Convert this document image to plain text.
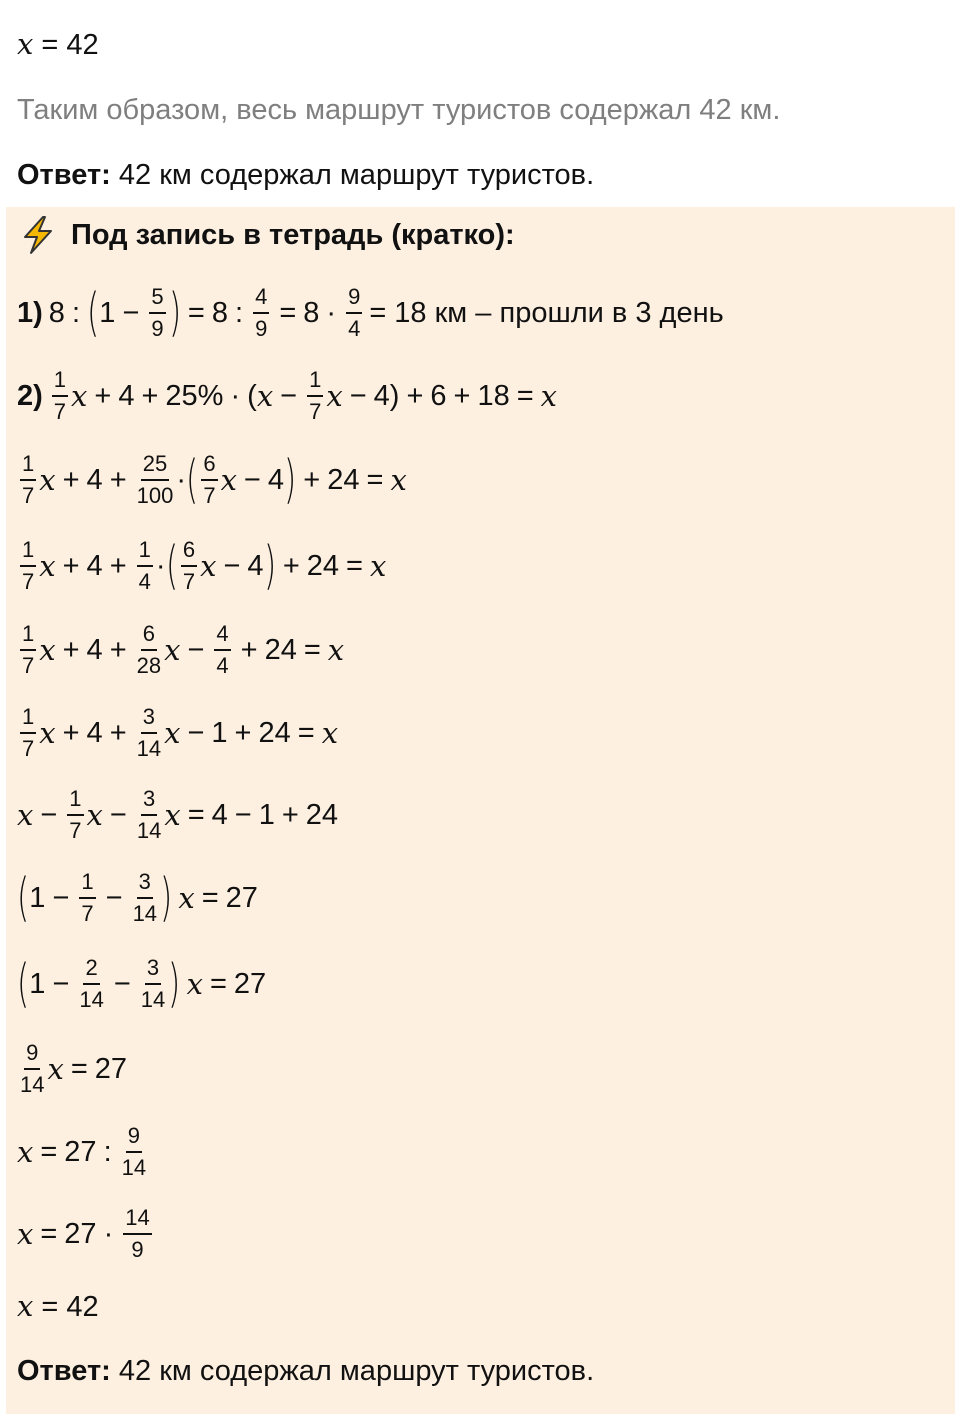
x = 42
Таким образом, весь маршрут туристов содержал 42 км.
Ответ: 42 км содержал маршрут туристов.
Под запись в тетрадь (кратко):
1) 8 : ( $1 - \frac{5}{9}$ ) = 8 : $\frac{4}{9} = 8 \cdot \frac{9}{4} = 18$ км – прошли в 3 день
$2) \frac{1}{7}$ x + 4 + 25% · ( $x - \frac{1}{7}$ x − 4) + 6 + 18 = x
$\frac{1}{7}$ $x + 4 + \frac{25}{100}$ · ( $\frac{6}{7}$ x − 4 ) + 24 = x
$\frac{1}{7}$ $x + 4 + \frac{1}{4}$ · ( $\frac{6}{7}$ x − 4 ) + 24 = x
$\frac{1}{7}$ $x + 4 + \frac{6}{28}$ $x - \frac{4}{4} + 24 = x$
$\frac{1}{7}$ $x + 4 + \frac{3}{14}$ x − 1 + 24 = x
$x - \frac{1}{7}$ $x - \frac{3}{14}$ x = 4 − 1 + 24
( $1 - \frac{1}{7} - \frac{3}{14}$ ) x = 27
( $1 - \frac{2}{14} - \frac{3}{14}$ ) x = 27
$\frac{9}{14}$ x = 27
x = 27 : $\frac{9}{14}$
$x = 27 \cdot \frac{14}{9}$
x = 42
Ответ: 42 км содержал маршрут туристов.
